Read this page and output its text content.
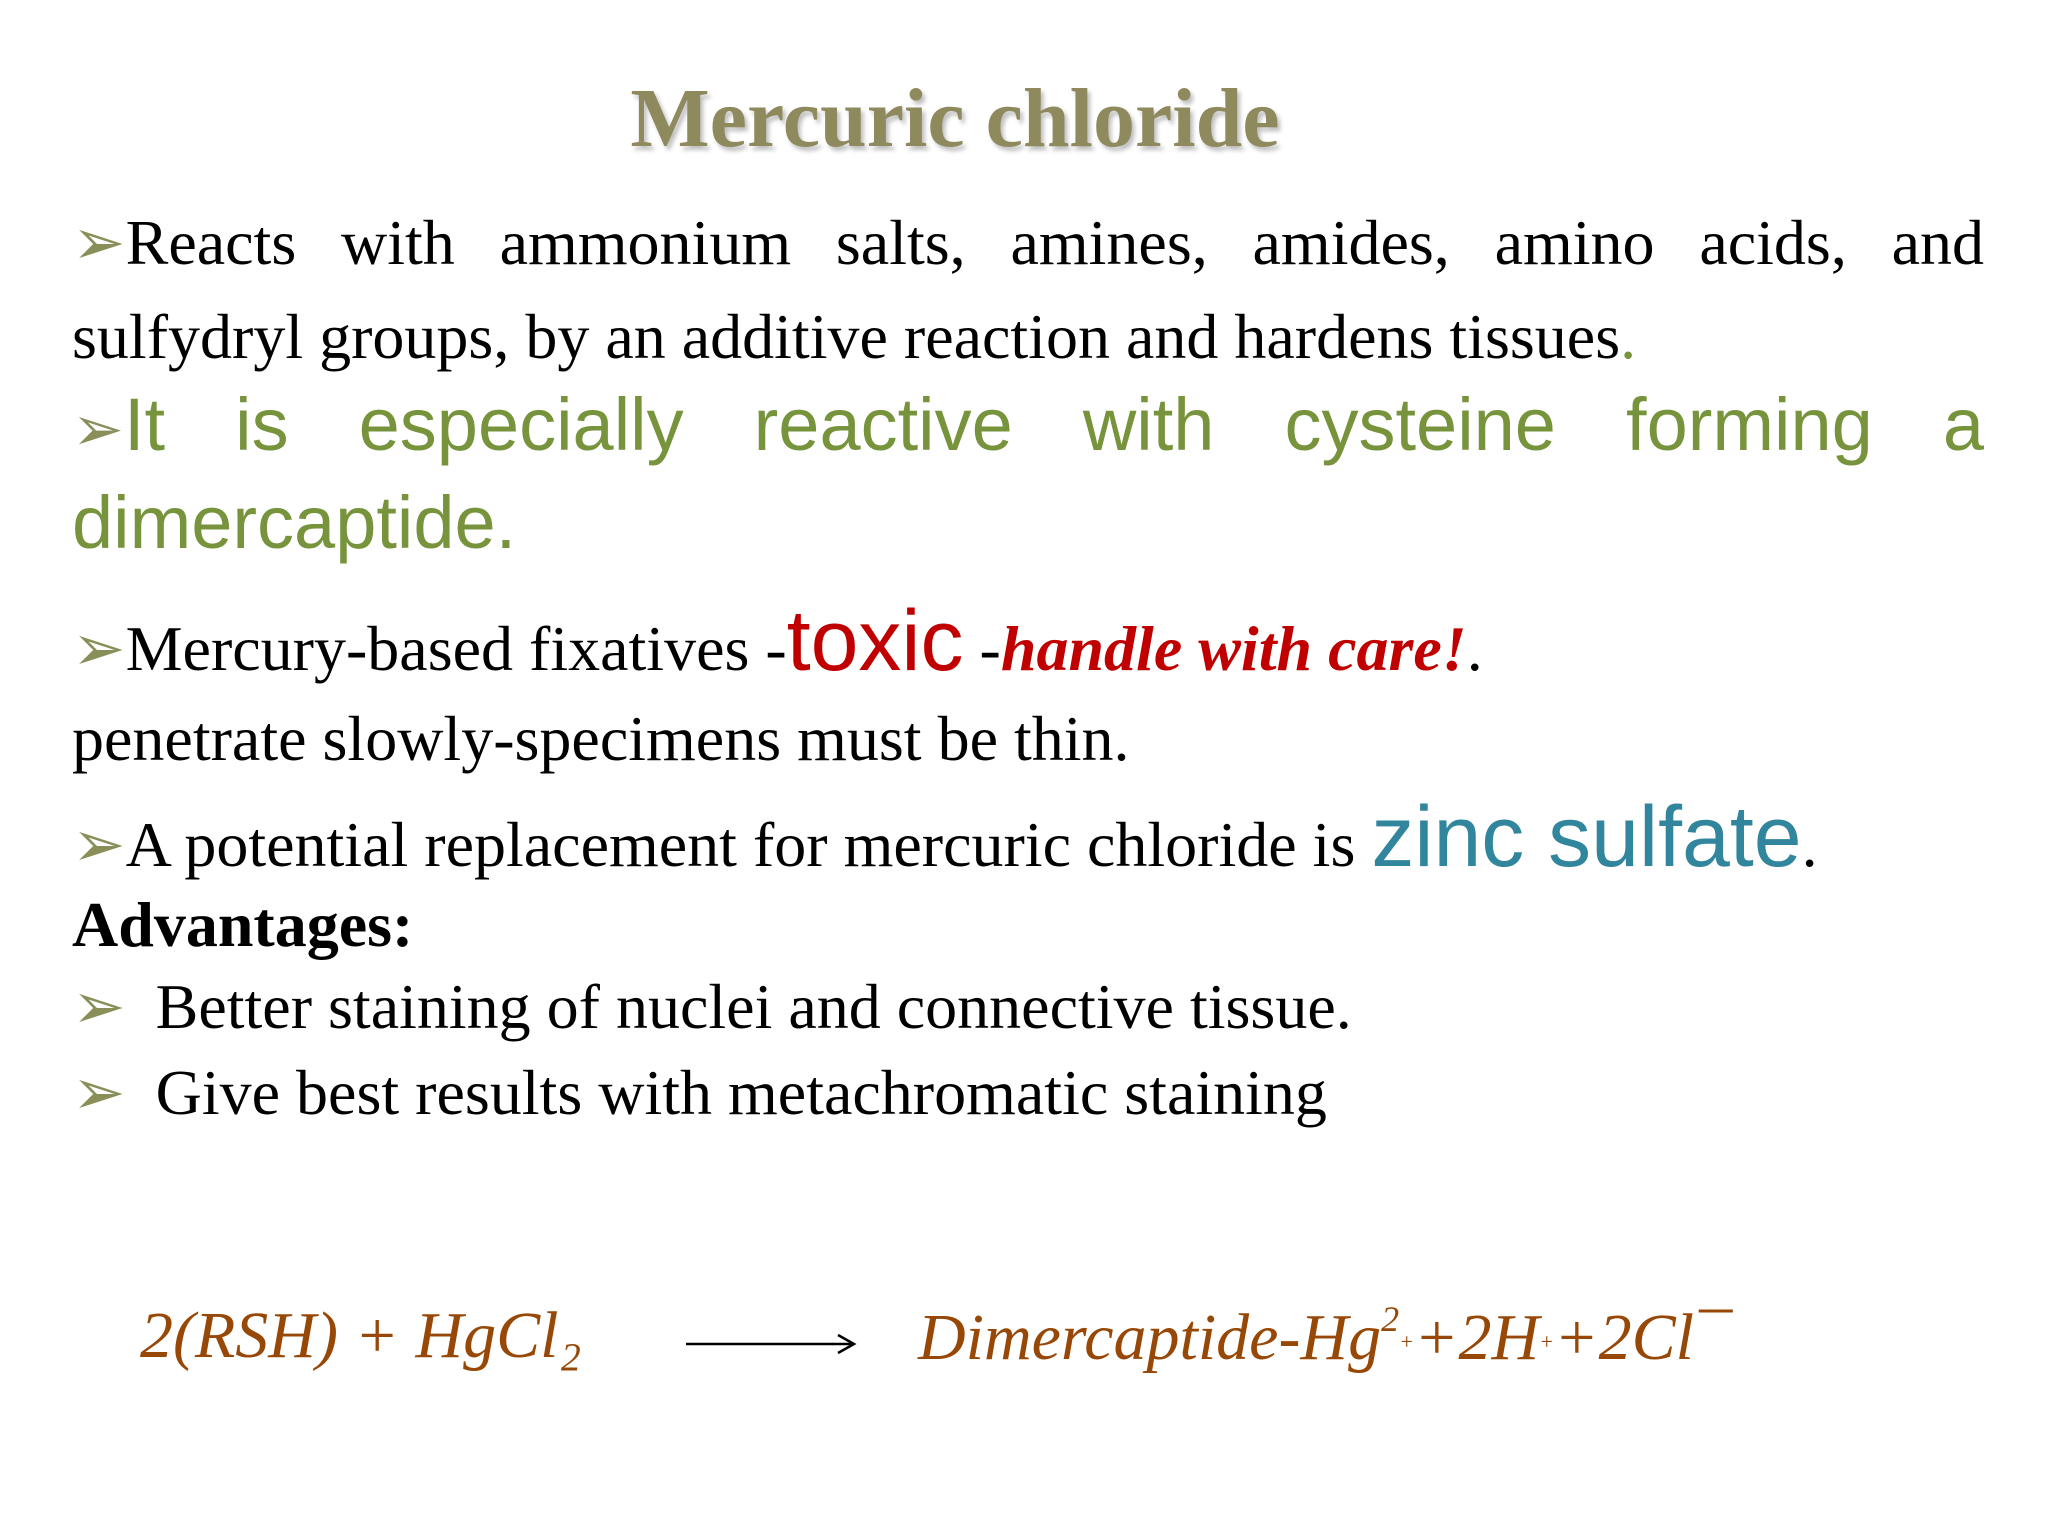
Mercuric chloride
➢Reacts with ammonium salts, amines, amides, amino acids, and sulfydryl groups, by an additive reaction and hardens tissues.
➢It is especially reactive with cysteine forming a dimercaptide.
➢Mercury-based fixatives -toxic -handle with care!.
penetrate slowly-specimens must be thin.
➢A potential replacement for mercuric chloride is zinc sulfate.
Advantages:
➢ Better staining of nuclei and connective tissue.
➢ Give best results with metachromatic staining
2(RSH) + HgCl₂	Dimercaptide-$Hg^2_++2H_++2Cl¯$
